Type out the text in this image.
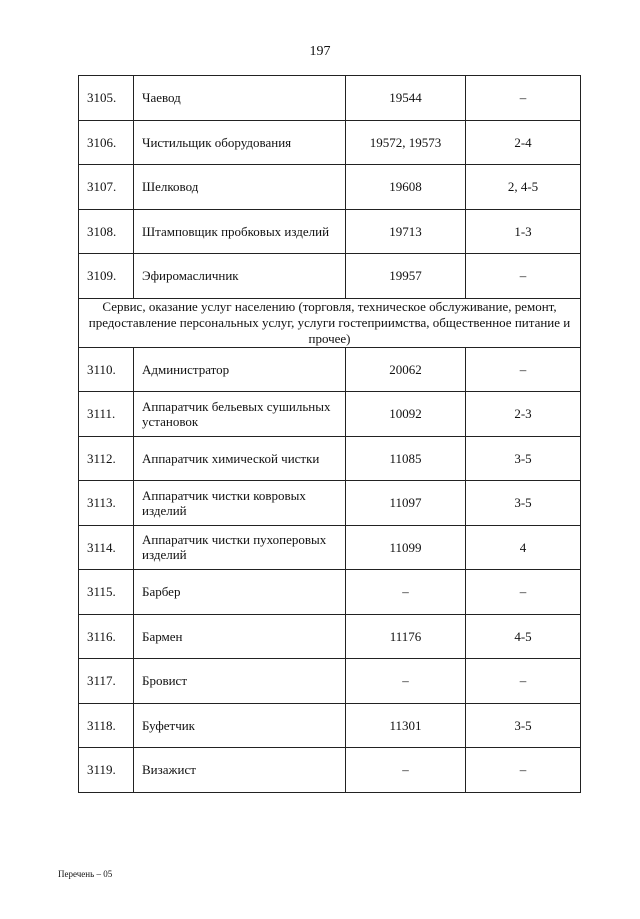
197
3105.	Чаевод	19544	–
3106.	Чистильщик оборудования	19572, 19573	2-4
3107.	Шелковод	19608	2, 4-5
3108.	Штамповщик пробковых изделий	19713	1-3
3109.	Эфиромасличник	19957	–
Сервис, оказание услуг населению (торговля, техническое обслуживание, ремонт, предоставление персональных услуг, услуги гостеприимства, общественное питание и прочее)			
3110.	Администратор	20062	–
3111.	Аппаратчик бельевых сушильных установок	10092	2-3
3112.	Аппаратчик химической чистки	11085	3-5
3113.	Аппаратчик чистки ковровых изделий	11097	3-5
3114.	Аппаратчик чистки пухоперовых изделий	11099	4
3115.	Барбер	–	–
3116.	Бармен	11176	4-5
3117.	Бровист	–	–
3118.	Буфетчик	11301	3-5
3119.	Визажист	–	–
Перечень – 05
